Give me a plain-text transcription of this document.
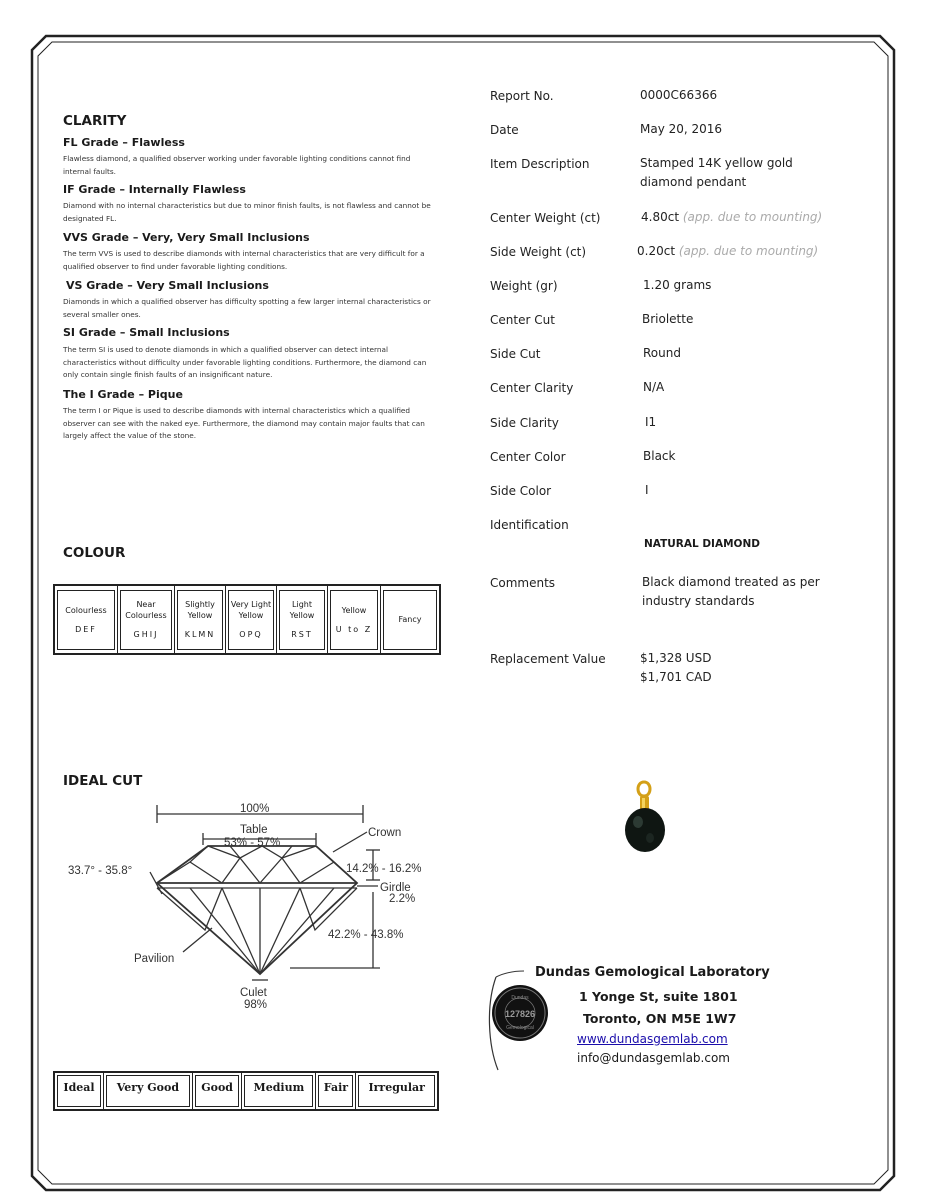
CLARITY
FL Grade – Flawless
Flawless diamond, a qualified observer working under favorable lighting conditions cannot find internal faults.
IF Grade – Internally Flawless
Diamond with no internal characteristics but due to minor finish faults, is not flawless and cannot be designated FL.
VVS Grade – Very, Very Small Inclusions
The term VVS is used to describe diamonds with internal characteristics that are very difficult for a qualified observer to find under favorable lighting conditions.
VS Grade – Very Small Inclusions
Diamonds in which a qualified observer has difficulty spotting a few larger internal characteristics or several smaller ones.
SI Grade – Small Inclusions
The term SI is used to denote diamonds in which a qualified observer can detect internal characteristics without difficulty under favorable lighting conditions. Furthermore, the diamond can only contain single finish faults of an insignificant nature.
The I Grade – Pique
The term I or Pique is used to describe diamonds with internal characteristics which a qualified observer can see with the naked eye. Furthermore, the diamond may contain major faults that can largely affect the value of the stone.
COLOUR
Colourless
DEF

Near Colourless
GHIJ

Slightly Yellow
KLMN

Very Light Yellow
OPQ

Light Yellow
RST

Yellow
U to Z

Fancy
IDEAL CUT
100%
Table
53% - 57%
Crown
33.7° - 35.8°	14.2% - 16.2%
Girdle
2.2%
42.2% - 43.8%
Pavilion
Culet
98%
Ideal	Very Good	Good	Medium	Fair	Irregular
Report No.	0000C66366
Date	May 20, 2016
Item Description	Stamped 14K yellow gold
diamond pendant
Center Weight (ct)	4.80ct (app. due to mounting)
Side Weight (ct)	0.20ct (app. due to mounting)
Weight (gr)	1.20 grams
Center Cut	Briolette
Side Cut	Round
Center Clarity	N/A
Side Clarity	I1
Center Color	Black
Side Color	I
Identification
NATURAL DIAMOND
Comments	Black diamond treated as per
industry standards
Replacement Value	$1,328 USD
$1,701 CAD
127826
Dundas
Gemological
Dundas Gemological Laboratory
1 Yonge St, suite 1801
Toronto, ON M5E 1W7
www.dundasgemlab.com
info@dundasgemlab.com
